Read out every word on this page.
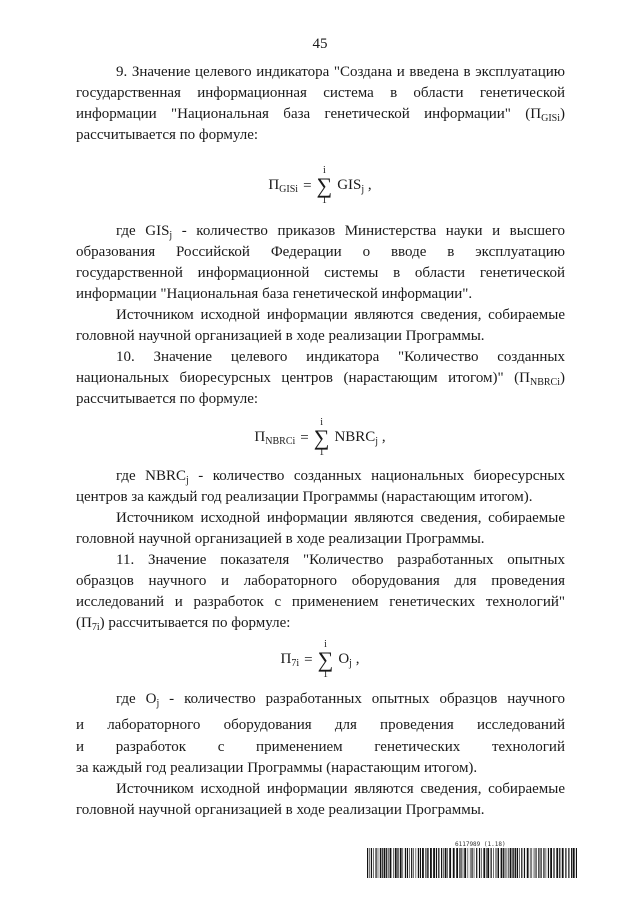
45
9. Значение целевого индикатора "Создана и введена в эксплуатацию
государственная информационная система в области генетической
информации "Национальная база генетической информации" $(П_{GISi})$
рассчитывается по формуле:
$П_{GISi}$ =
i
∑
1
$GIS_j$ ,
где $GIS_j$ - количество приказов Министерства науки и высшего
образования Российской Федерации о вводе в эксплуатацию
государственной информационной системы в области генетической
информации "Национальная база генетической информации".
Источником исходной информации являются сведения, собираемые
головной научной организацией в ходе реализации Программы.
10. Значение целевого индикатора "Количество созданных
национальных биоресурсных центров (нарастающим итогом)" $(П_{NBRCi})$
рассчитывается по формуле:
$П_{NBRCi}$ =
i
∑
1
$NBRC_j$ ,
где $NBRC_j$ - количество созданных национальных биоресурсных
центров за каждый год реализации Программы (нарастающим итогом).
Источником исходной информации являются сведения, собираемые
головной научной организацией в ходе реализации Программы.
11. Значение показателя "Количество разработанных опытных
образцов научного и лабораторного оборудования для проведения
исследований и разработок с применением генетических технологий"
$(П_{7i})$ рассчитывается по формуле:
$П_{7i}$ =
i
∑
1
$O_j$ ,
где $O_j$ - количество разработанных опытных образцов научного
и лабораторного оборудования для проведения исследований
и разработок с применением генетических технологий
за каждый год реализации Программы (нарастающим итогом).
Источником исходной информации являются сведения, собираемые
головной научной организацией в ходе реализации Программы.
6117989 (1.18)
